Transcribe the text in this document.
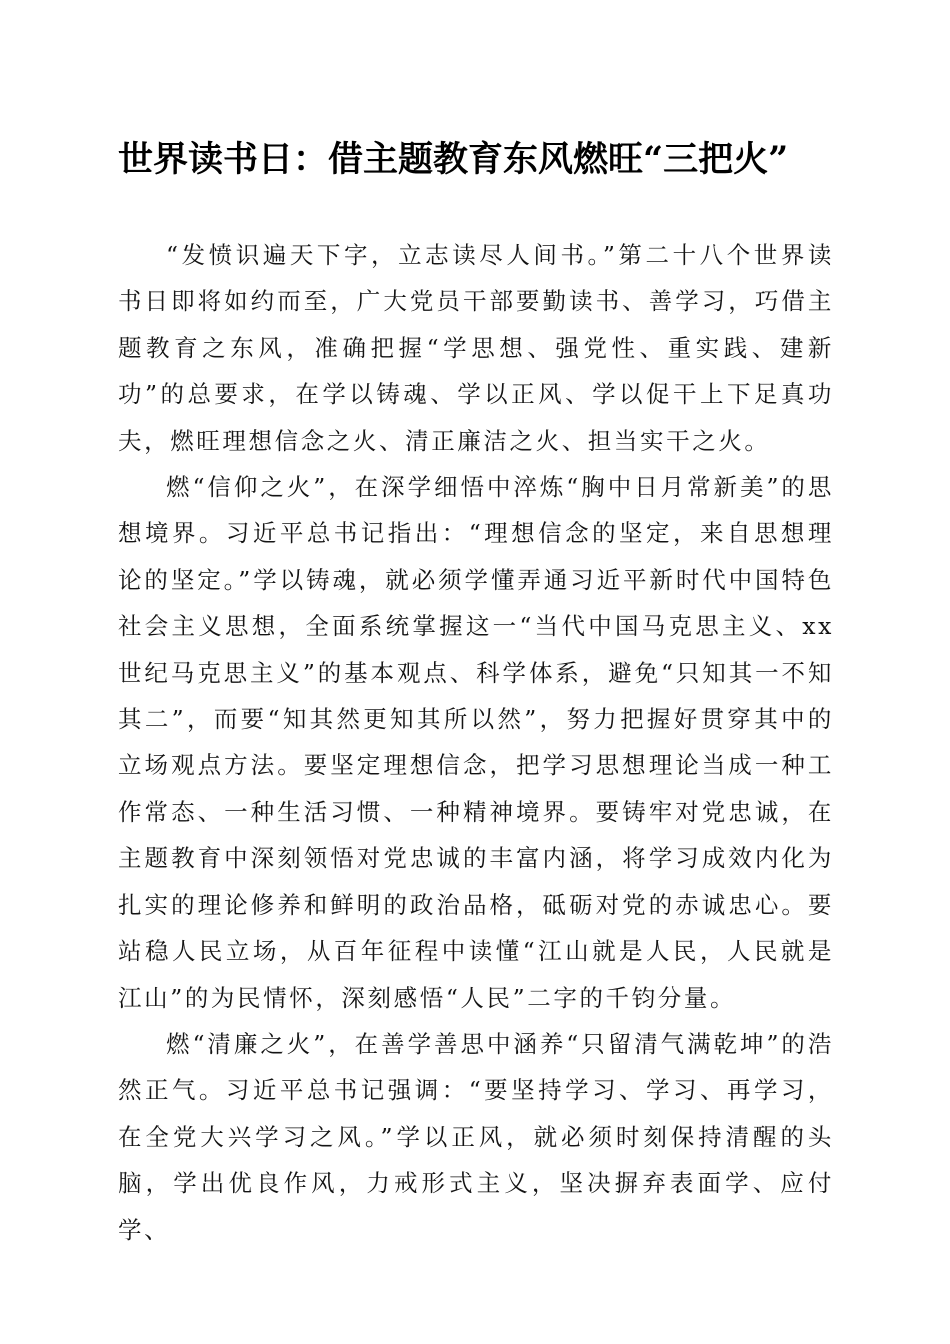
世界读书日：借主题教育东风燃旺“三把火”

“发愤识遍天下字，立志读尽人间书。”第二十八个世界读书日即将如约而至，广大党员干部要勤读书、善学习，巧借主题教育之东风，准确把握“学思想、强党性、重实践、建新功”的总要求，在学以铸魂、学以正风、学以促干上下足真功夫，燃旺理想信念之火、清正廉洁之火、担当实干之火。

燃“信仰之火”，在深学细悟中淬炼“胸中日月常新美”的思想境界。习近平总书记指出：“理想信念的坚定，来自思想理论的坚定。”学以铸魂，就必须学懂弄通习近平新时代中国特色社会主义思想，全面系统掌握这一“当代中国马克思主义、xx世纪马克思主义”的基本观点、科学体系，避免“只知其一不知其二”，而要“知其然更知其所以然”，努力把握好贯穿其中的立场观点方法。要坚定理想信念，把学习思想理论当成一种工作常态、一种生活习惯、一种精神境界。要铸牢对党忠诚，在主题教育中深刻领悟对党忠诚的丰富内涵，将学习成效内化为扎实的理论修养和鲜明的政治品格，砥砺对党的赤诚忠心。要站稳人民立场，从百年征程中读懂“江山就是人民，人民就是江山”的为民情怀，深刻感悟“人民”二字的千钧分量。

燃“清廉之火”，在善学善思中涵养“只留清气满乾坤”的浩然正气。习近平总书记强调：“要坚持学习、学习、再学习，在全党大兴学习之风。”学以正风，就必须时刻保持清醒的头脑，学出优良作风，力戒形式主义，坚决摒弃表面学、应付学、
